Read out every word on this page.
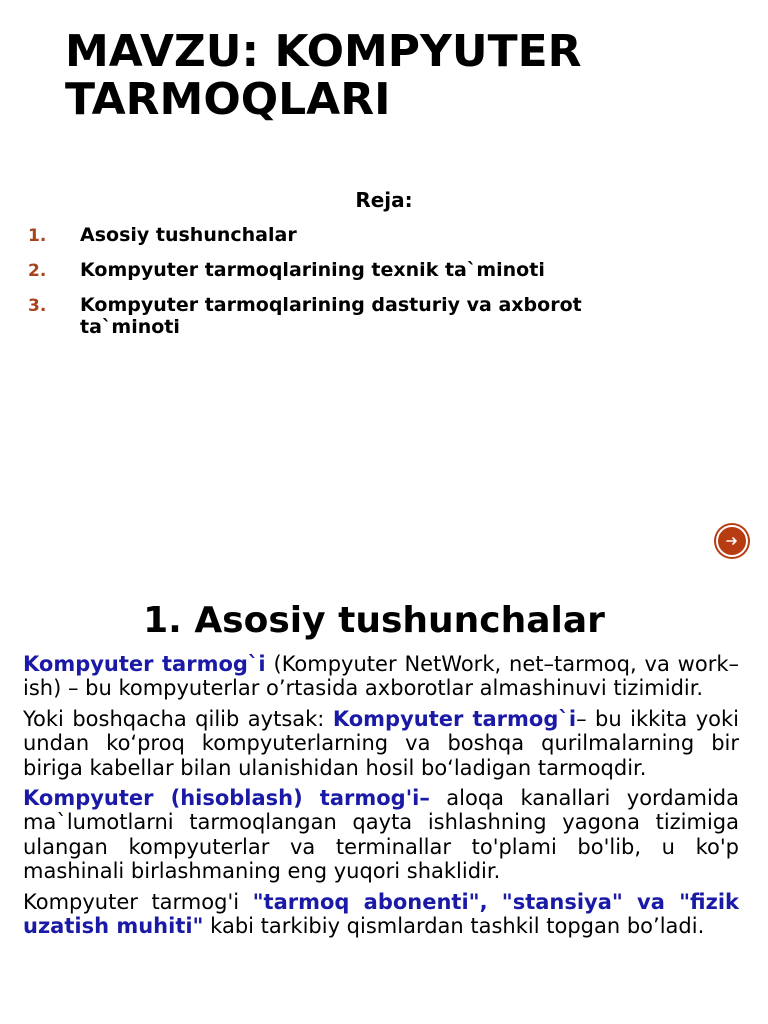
MAVZU: KOMPYUTER TARMOQLARI
Reja:
1. Asosiy tushunchalar
2. Kompyuter tarmoqlarining texnik ta`minoti
3. Kompyuter tarmoqlarining dasturiy va axborot ta`minoti
1. Asosiy tushunchalar

Kompyuter tarmog`i (Kompyuter NetWork, net–tarmoq, va work–ish) – bu kompyuterlar o’rtasida axborotlar almashinuvi tizimidir.

Yoki boshqacha qilib aytsak: Kompyuter tarmog`i– bu ikkita yoki undan ko‘proq kompyuterlarning va boshqa qurilmalarning bir biriga kabellar bilan ulanishidan hosil bo‘ladigan tarmoqdir.

Kompyuter (hisoblash) tarmog'i– aloqa kanallari yordamida ma`lumotlarni tarmoqlangan qayta ishlashning yagona tizimiga ulangan kompyuterlar va terminallar to'plami bo'lib, u ko'p mashinali birlashmaning eng yuqori shaklidir.

Kompyuter tarmog'i "tarmoq abonenti", "stansiya" va "fizik uzatish muhiti" kabi tarkibiy qismlardan tashkil topgan bo’ladi.
